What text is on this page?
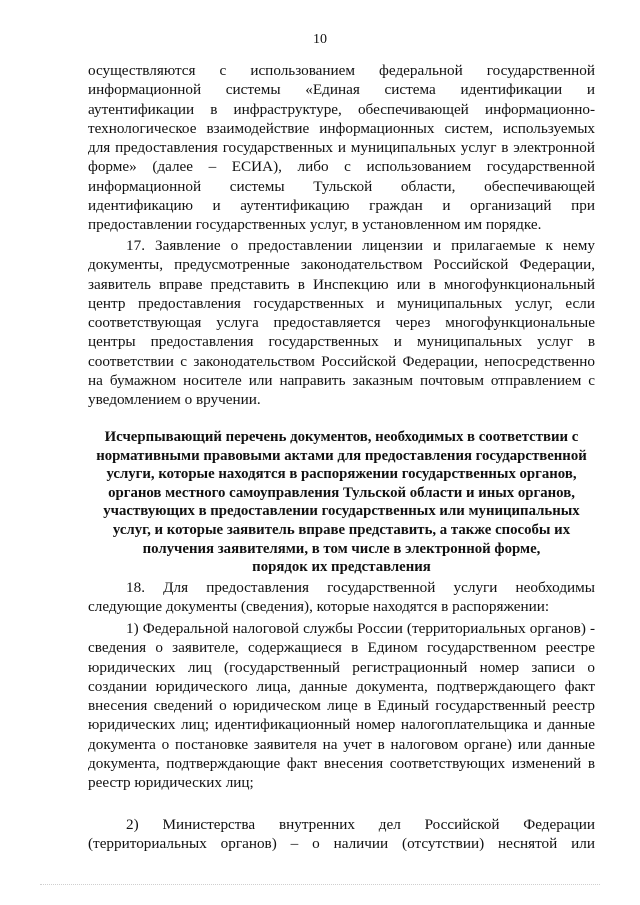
10

осуществляются с использованием федеральной государственной

информационной системы «Единая система идентификации и

аутентификации в инфраструктуре, обеспечивающей информационно-

технологическое взаимодействие информационных систем, используемых

для предоставления государственных и муниципальных услуг в электронной

форме» (далее – ЕСИА), либо с использованием государственной

информационной системы Тульской области, обеспечивающей

идентификацию и аутентификацию граждан и организаций при

предоставлении государственных услуг, в установленном им порядке.

17. Заявление о предоставлении лицензии и прилагаемые к нему

документы, предусмотренные законодательством Российской Федерации,

заявитель вправе представить в Инспекцию или в многофункциональный

центр предоставления государственных и муниципальных услуг, если

соответствующая услуга предоставляется через многофункциональные

центры предоставления государственных и муниципальных услуг в

соответствии с законодательством Российской Федерации, непосредственно

на бумажном носителе или направить заказным почтовым отправлением с

уведомлением о вручении.

Исчерпывающий перечень документов, необходимых в соответствии с
нормативными правовыми актами для предоставления государственной
услуги, которые находятся в распоряжении государственных органов,
органов местного самоуправления Тульской области и иных органов,
участвующих в предоставлении государственных или муниципальных
услуг, и которые заявитель вправе представить, а также способы их
получения заявителями, в том числе в электронной форме,
порядок их представления

18. Для предоставления государственной услуги необходимы

следующие документы (сведения), которые находятся в распоряжении:

1) Федеральной налоговой службы России (территориальных органов) -

сведения о заявителе, содержащиеся в Едином государственном реестре

юридических лиц (государственный регистрационный номер записи о

создании юридического лица, данные документа, подтверждающего факт

внесения сведений о юридическом лице в Единый государственный реестр

юридических лиц; идентификационный номер налогоплательщика и данные

документа о постановке заявителя на учет в налоговом органе) или данные

документа, подтверждающие факт внесения соответствующих изменений в

реестр юридических лиц;

2) Министерства внутренних дел Российской Федерации

(территориальных органов) – о наличии (отсутствии) неснятой или
